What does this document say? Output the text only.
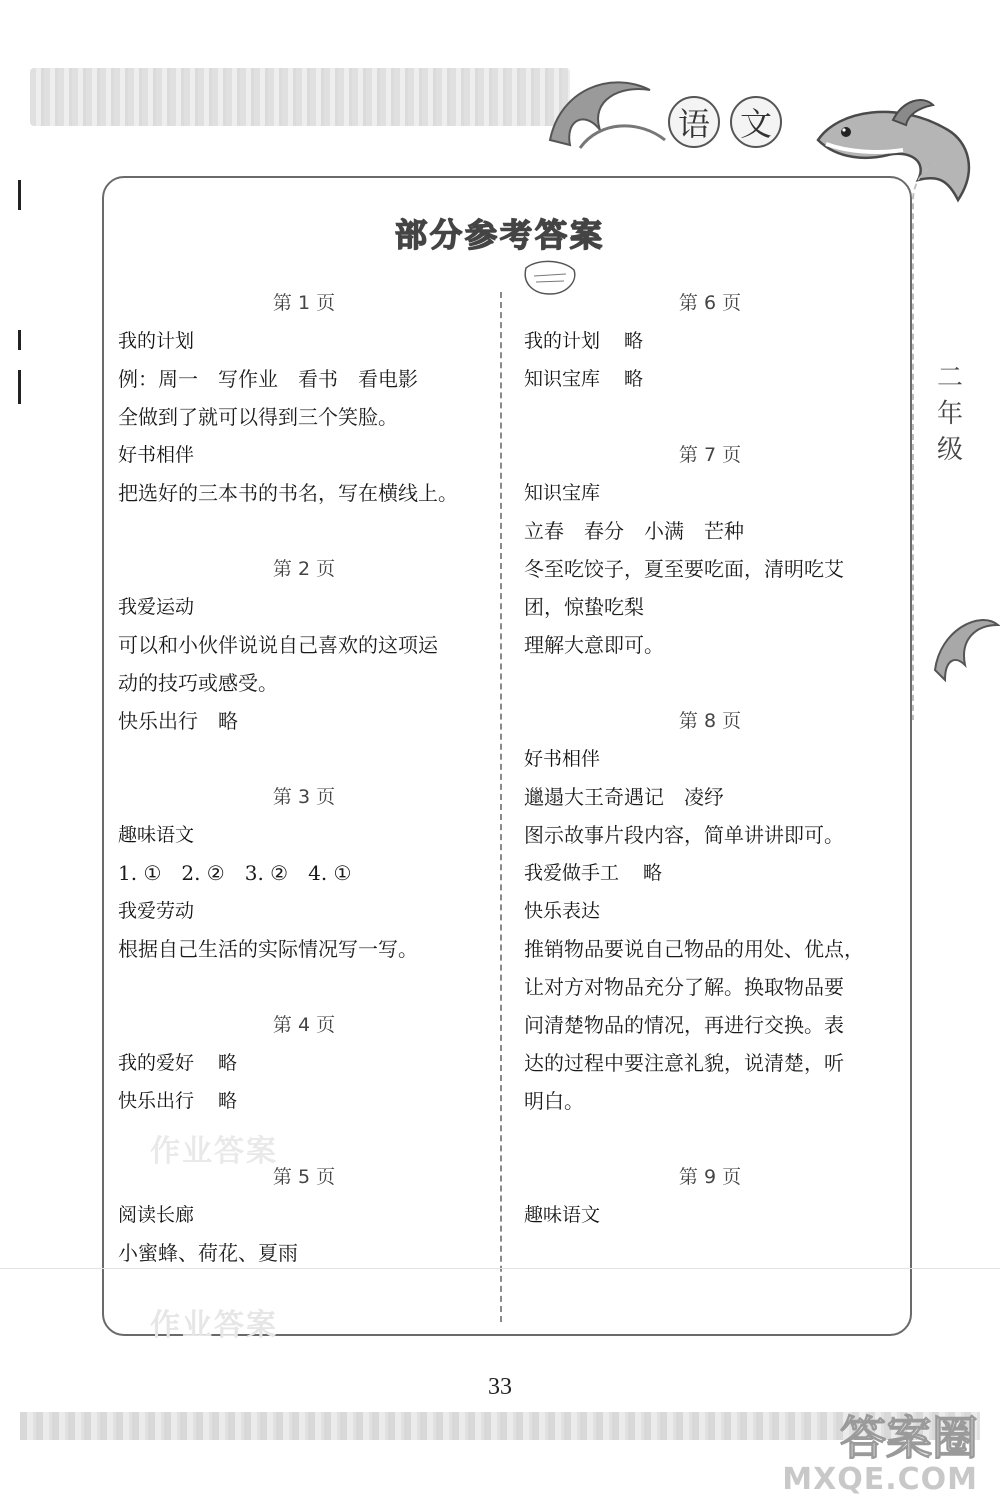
语 文
二
年
级
部分参考答案
第 1 页
我的计划
例：周一　写作业　看书　看电影
全做到了就可以得到三个笑脸。
好书相伴
把选好的三本书的书名，写在横线上。
第 2 页
我爱运动
可以和小伙伴说说自己喜欢的这项运
动的技巧或感受。
快乐出行　略
第 3 页
趣味语文
1. ①　2. ②　3. ②　4. ①
我爱劳动
根据自己生活的实际情况写一写。
第 4 页
我的爱好 略
快乐出行 略
第 5 页
阅读长廊
小蜜蜂、荷花、夏雨
第 6 页
我的计划 略
知识宝库 略
第 7 页
知识宝库
立春　春分　小满　芒种
冬至吃饺子，夏至要吃面，清明吃艾
团，惊蛰吃梨
理解大意即可。
第 8 页
好书相伴
邋遢大王奇遇记　凌纾
图示故事片段内容，简单讲讲即可。
我爱做手工 略
快乐表达
推销物品要说自己物品的用处、优点，
让对方对物品充分了解。换取物品要
问清楚物品的情况，再进行交换。表
达的过程中要注意礼貌，说清楚，听
明白。
第 9 页
趣味语文
作业答案
作业答案
33
答案圈
MXQE.COM
